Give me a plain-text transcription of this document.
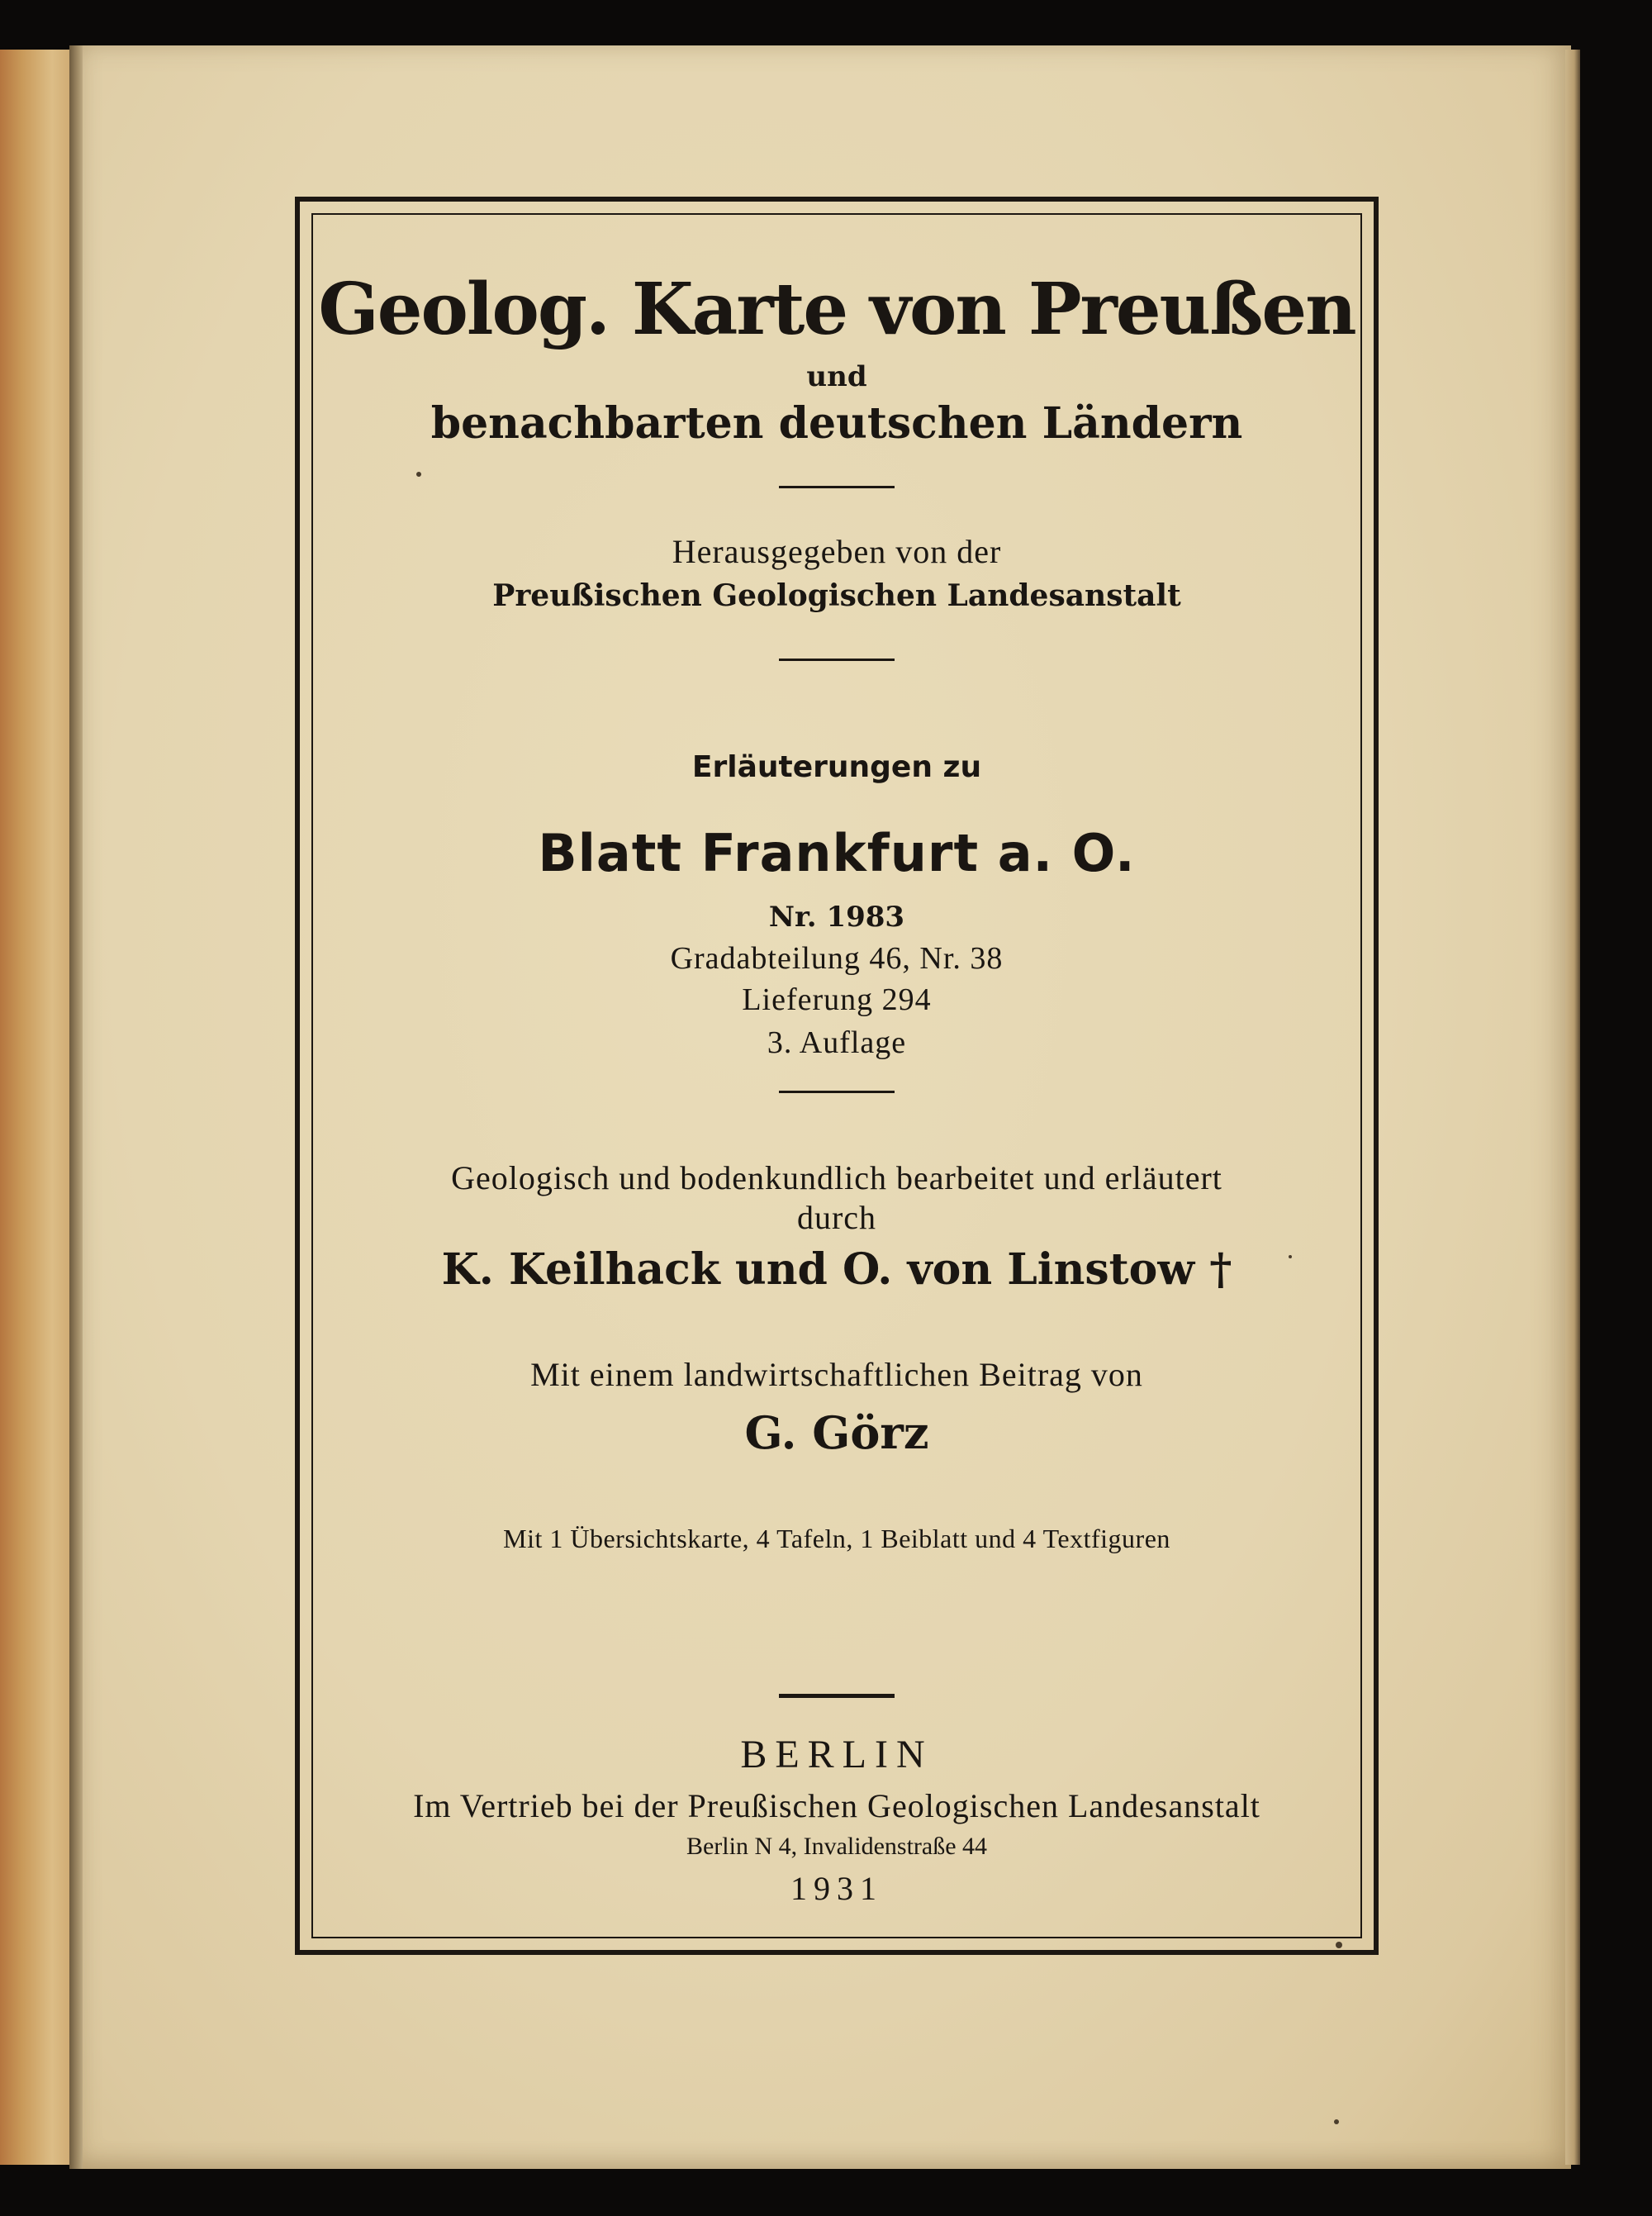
Geolog. Karte von Preußen
und
benachbarten deutschen Ländern
Herausgegeben von der
Preußischen Geologischen Landesanstalt
Erläuterungen zu
Blatt Frankfurt a. O.
Nr. 1983
Gradabteilung 46, Nr. 38
Lieferung 294
3. Auflage
Geologisch und bodenkundlich bearbeitet und erläutert
durch
K. Keilhack und O. von Linstow †
Mit einem landwirtschaftlichen Beitrag von
G. Görz
Mit 1 Übersichtskarte, 4 Tafeln, 1 Beiblatt und 4 Textfiguren
BERLIN
Im Vertrieb bei der Preußischen Geologischen Landesanstalt
Berlin N 4, Invalidenstraße 44
1931
